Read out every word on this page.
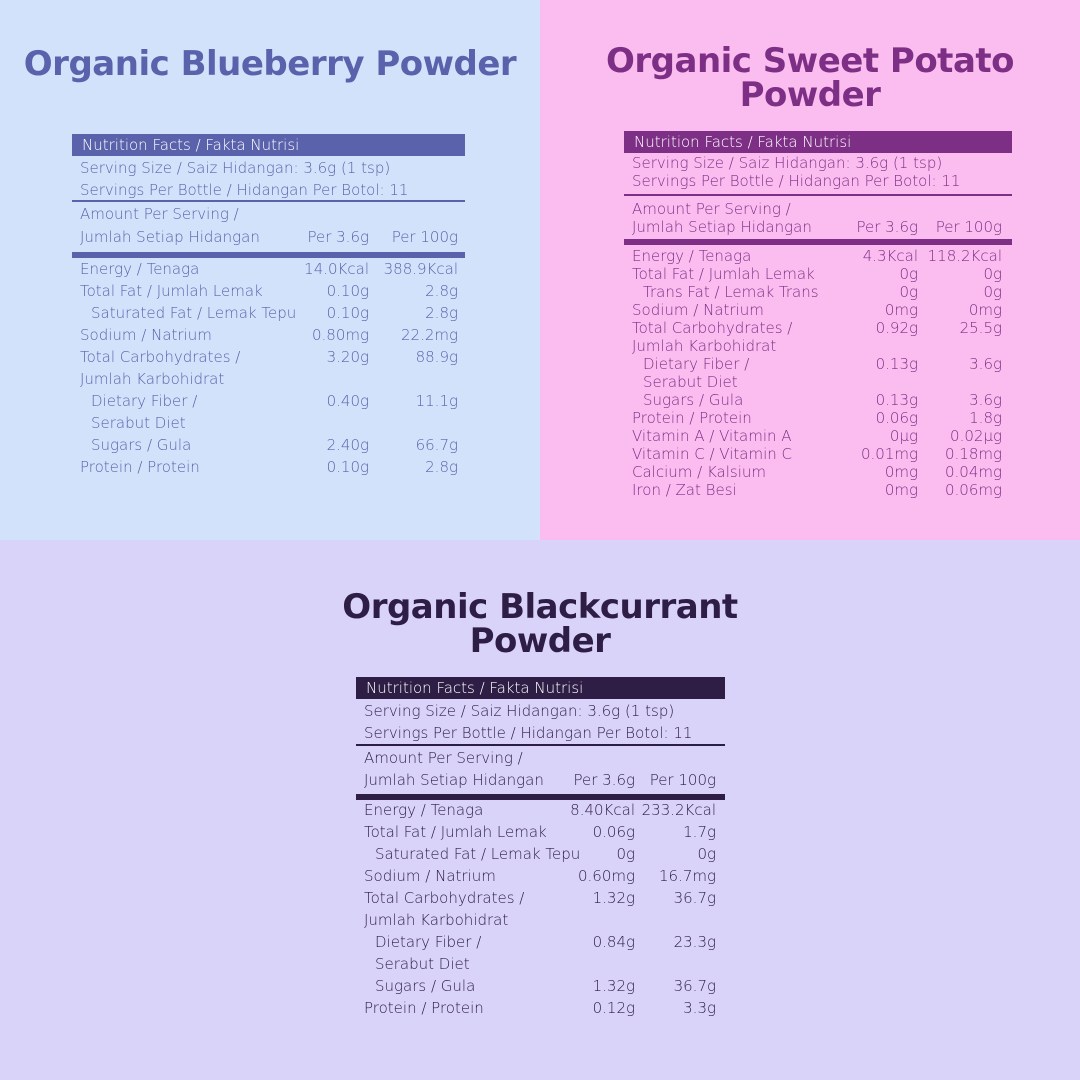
Organic Blueberry Powder
Nutrition Facts / Fakta Nutrisi
Serving Size / Saiz Hidangan: 3.6g (1 tsp)
Servings Per Bottle / Hidangan Per Botol: 11
Amount Per Serving /
Jumlah Setiap Hidangan	Per 3.6g Per 100g
Energy / Tenaga	14.0Kcal 388.9Kcal
Total Fat / Jumlah Lemak	0.10g	2.8g
Saturated Fat / Lemak Tepu 0.10g	2.8g
Sodium / Natrium	0.80mg 22.2mg
Total Carbohydrates /	3.20g	88.9g
Jumlah Karbohidrat
Dietary Fiber /	0.40g	11.1g
Serabut Diet
Sugars / Gula	2.40g	66.7g
Protein / Protein	0.10g	2.8g
Organic Sweet Potato
Powder
Nutrition Facts / Fakta Nutrisi
Serving Size / Saiz Hidangan: 3.6g (1 tsp)
Servings Per Bottle / Hidangan Per Botol: 11
Amount Per Serving /
Jumlah Setiap Hidangan	Per 3.6g Per 100g
Energy / Tenaga	4.3Kcal 118.2Kcal
Total Fat / Jumlah Lemak	0g	0g
Trans Fat / Lemak Trans	0g	0g
Sodium / Natrium	0mg	0mg
Total Carbohydrates /	0.92g	25.5g
Jumlah Karbohidrat
Dietary Fiber /	0.13g	3.6g
Serabut Diet
Sugars / Gula	0.13g	3.6g
Protein / Protein	0.06g	1.8g
Vitamin A / Vitamin A	0µg 0.02µg
Vitamin C / Vitamin C	0.01mg 0.18mg
Calcium / Kalsium	0mg 0.04mg
Iron / Zat Besi	0mg 0.06mg
Organic Blackcurrant
Powder
Nutrition Facts / Fakta Nutrisi
Serving Size / Saiz Hidangan: 3.6g (1 tsp)
Servings Per Bottle / Hidangan Per Botol: 11
Amount Per Serving /
Jumlah Setiap Hidangan Per 3.6g Per 100g
Energy / Tenaga	8.40Kcal 233.2Kcal
Total Fat / Jumlah Lemak	0.06g	1.7g
Saturated Fat / Lemak Tepu 0g	0g
Sodium / Natrium	0.60mg 16.7mg
Total Carbohydrates /	1.32g	36.7g
Jumlah Karbohidrat
Dietary Fiber /	0.84g	23.3g
Serabut Diet
Sugars / Gula	1.32g	36.7g
Protein / Protein	0.12g	3.3g
